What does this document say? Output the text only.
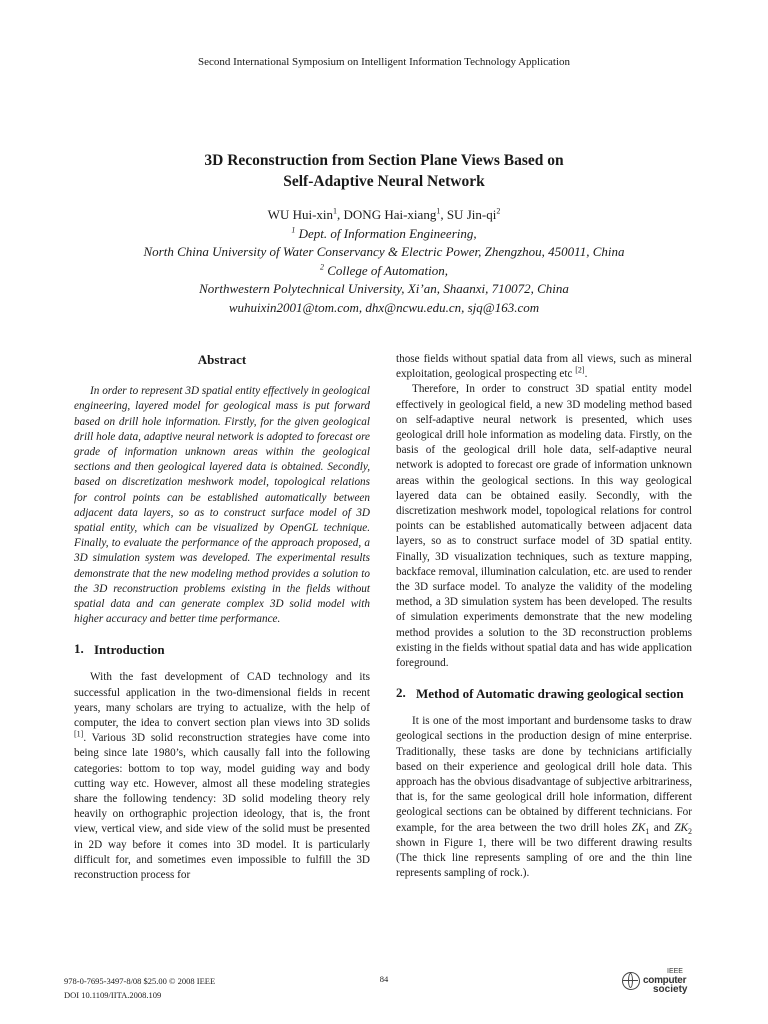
Second International Symposium on Intelligent Information Technology Application
3D Reconstruction from Section Plane Views Based on
Self-Adaptive Neural Network
WU Hui-xin$^1$, DONG Hai-xiang$^1$, SU Jin-$qi^2$
$^1$ Dept. of Information Engineering,
North China University of Water Conservancy & Electric Power, Zhengzhou, 450011, China
$^2$ College of Automation,
Northwestern Polytechnical University, Xi’an, Shaanxi, 710072, China
wuhuixin2001@tom.com, dhx@ncwu.edu.cn, sjq@163.com
Abstract

In order to represent 3D spatial entity effectively in geological engineering, layered model for geological mass is put forward based on drill hole information. Firstly, for the given geological drill hole data, adaptive neural network is adopted to forecast ore grade of information unknown areas within the geological sections and then geological layered data is obtained. Secondly, based on discretization meshwork model, topological relations for control points can be established automatically between adjacent data layers, so as to construct surface model of 3D spatial entity, which can be visualized by OpenGL technique. Finally, to evaluate the performance of the approach proposed, a 3D simulation system was developed. The experimental results demonstrate that the new modeling method provides a solution to the 3D reconstruction problems existing in the fields without spatial data and can generate complex 3D solid model with higher accuracy and better time performance.

1. Introduction

With the fast development of CAD technology and its successful application in the two-dimensional fields in recent years, many scholars are trying to actualize, with the help of computer, the idea to convert section plan views into 3D solids [1]. Various 3D solid reconstruction strategies have come into being since late 1980’s, which causally fall into the following categories: bottom to top way, model guiding way and body cutting way etc. However, almost all these modeling strategies share the following tendency: 3D solid modeling theory rely heavily on orthographic projection ideology, that is, the front view, vertical view, and side view of the solid must be presented in 2D way before it comes into 3D model. It is particularly difficult for, and sometimes even impossible to fulfill the 3D reconstruction process for

those fields without spatial data from all views, such as mineral exploitation, geological prospecting etc [2].

Therefore, In order to construct 3D spatial entity model effectively in geological field, a new 3D modeling method based on self-adaptive neural network is presented, which uses geological drill hole information as modeling data. Firstly, on the basis of the geological drill hole data, self-adaptive neural network is adopted to forecast ore grade of information unknown areas within the geological sections. In this way geological layered data can be obtained easily. Secondly, with the discretization meshwork model, topological relations for control points can be established automatically between adjacent data layers, so as to construct surface model of 3D spatial entity. Finally, 3D visualization techniques, such as texture mapping, backface removal, illumination calculation, etc. are used to render the 3D surface model. To analyze the validity of the modeling method, a 3D simulation system has been developed. The results of simulation experiments demonstrate that the new modeling method provides a solution to the 3D reconstruction problems existing in the fields without spatial data and has wide application foreground.

2. Method of Automatic drawing geological section

It is one of the most important and burdensome tasks to draw geological sections in the production design of mine enterprise. Traditionally, these tasks are done by technicians artificially based on their experience and geological drill hole data. This approach has the obvious disadvantage of subjective arbitrariness, that is, for the same geological drill hole information, different geological sections can be obtained by different technicians. For example, for the area between the two drill holes $ZK_1$ and $ZK_2$ shown in Figure 1, there will be two different drawing results (The thick line represents sampling of ore and the thin line represents sampling of rock.).

978-0-7695-3497-8/08 $25.00 © 2008 IEEE
DOI 10.1109/IITA.2008.109
84
IEEE
computer
society
